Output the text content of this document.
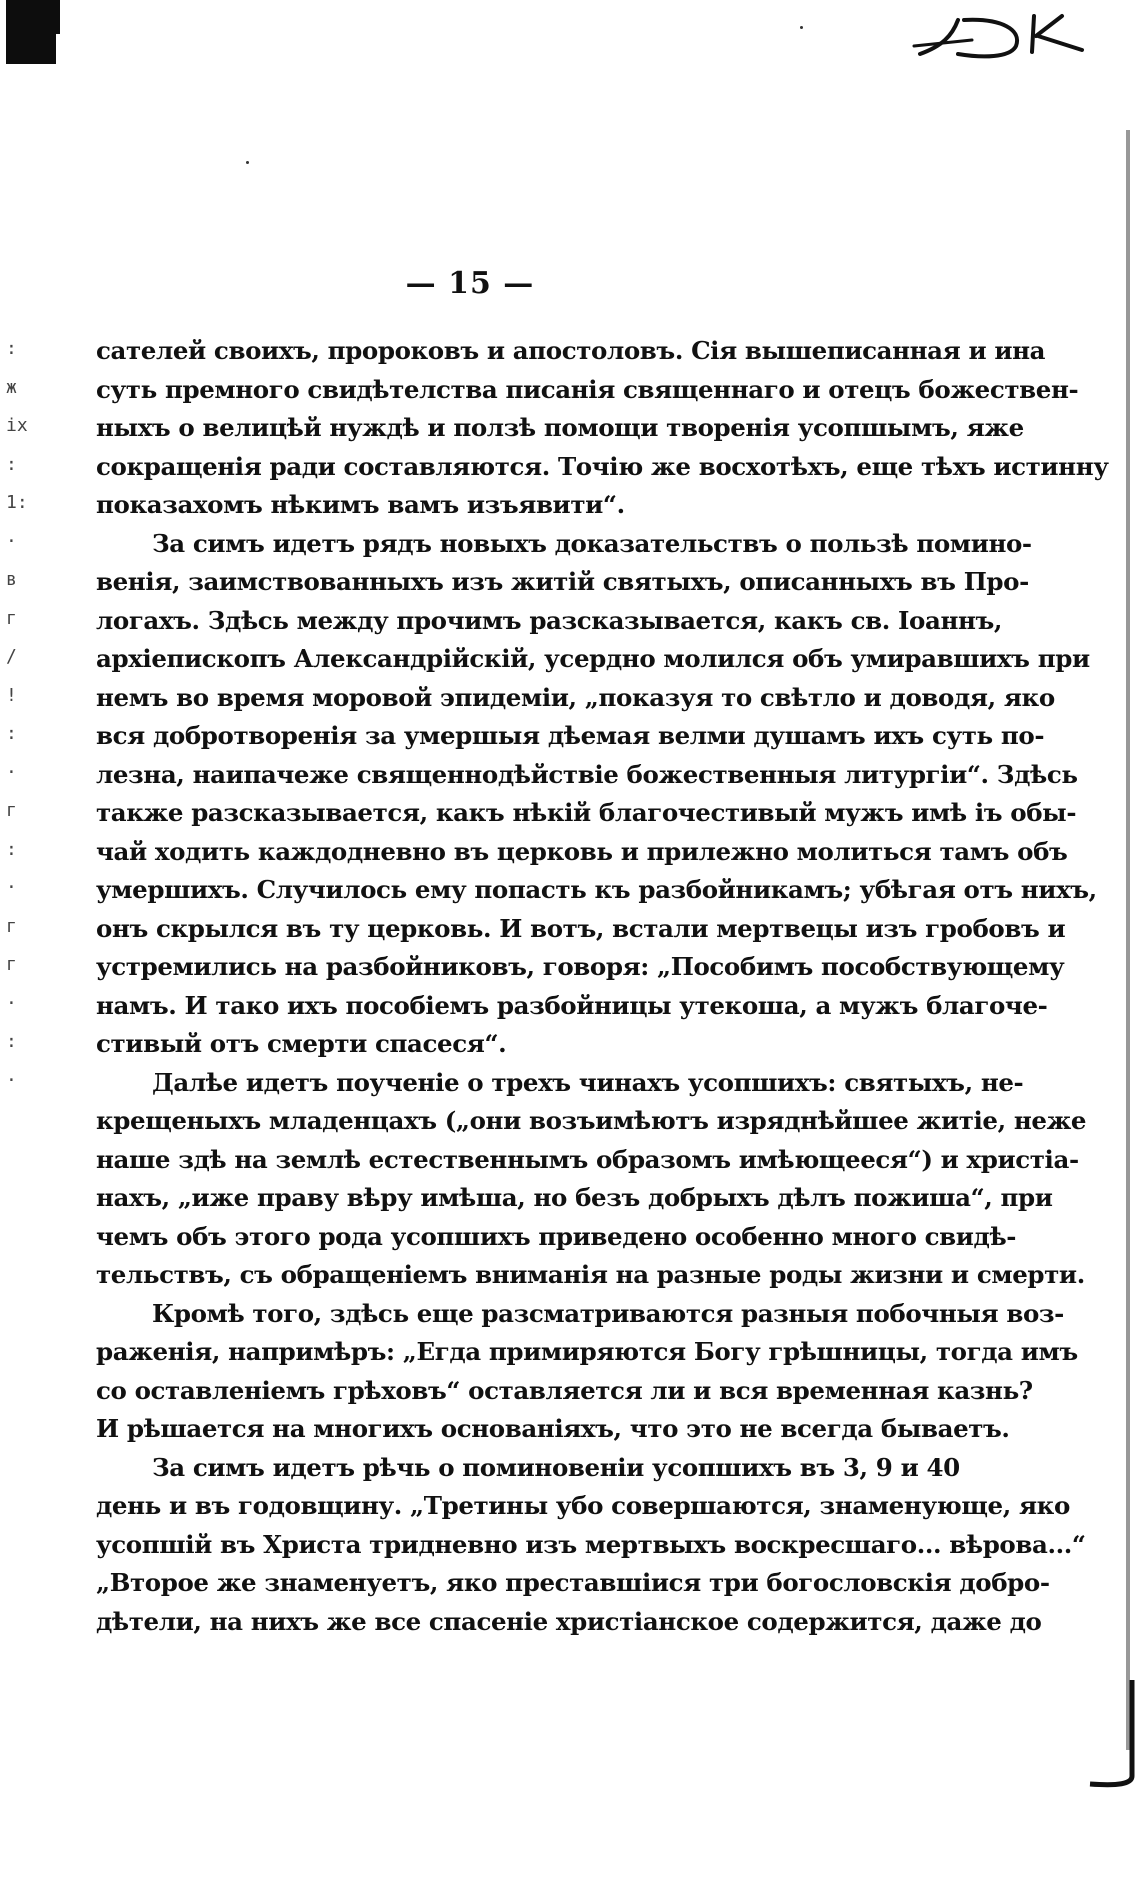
:
ж
іх
:
1:
·
в
г
/
!
:
·
г
:
·
г
г
·
:
·
— 15 —
сателей своихъ, пророковъ и апостоловъ. Сія вышеписанная и ина
суть премного свидѣтелства писанія священнаго и отецъ божествен-
ныхъ о велицѣй нуждѣ и ползѣ помощи творенія усопшымъ, яже
сокращенія ради составляются. Точію же восхотѣхъ, еще тѣхъ истинну
показахомъ нѣкимъ вамъ изъявити“.
За симъ идетъ рядъ новыхъ доказательствъ о пользѣ помино-
венія, заимствованныхъ изъ житій святыхъ, описанныхъ въ Про-
логахъ. Здѣсь между прочимъ разсказывается, какъ св. Іоаннъ,
архіепископъ Александрійскій, усердно молился объ умиравшихъ при
немъ во время моровой эпидеміи, „показуя то свѣтло и доводя, яко
вся добротворенія за умершыя дѣемая велми душамъ ихъ суть по-
лезна, наипачеже священнодѣйствіе божественныя литургіи“. Здѣсь
также разсказывается, какъ нѣкій благочестивый мужъ имѣ іъ обы-
чай ходить каждодневно въ церковь и прилежно молиться тамъ объ
умершихъ. Случилось ему попасть къ разбойникамъ; убѣгая отъ нихъ,
онъ скрылся въ ту церковь. И вотъ, встали мертвецы изъ гробовъ и
устремились на разбойниковъ, говоря: „Пособимъ пособствующему
намъ. И тако ихъ пособіемъ разбойницы утекоша, а мужъ благоче-
стивый отъ смерти спасеся“.
Далѣе идетъ поученіе о трехъ чинахъ усопшихъ: святыхъ, не-
крещеныхъ младенцахъ („они возъимѣютъ изряднѣйшее житіе, неже
наше здѣ на землѣ естественнымъ образомъ имѣющееся“) и христіа-
нахъ, „иже праву вѣру имѣша, но безъ добрыхъ дѣлъ пожиша“, при
чемъ объ этого рода усопшихъ приведено особенно много свидѣ-
тельствъ, съ обращеніемъ вниманія на разные роды жизни и смерти.
Кромѣ того, здѣсь еще разсматриваются разныя побочныя воз-
раженія, напримѣръ: „Егда примиряются Богу грѣшницы, тогда имъ
со оставленіемъ грѣховъ“ оставляется ли и вся временная казнь?
И рѣшается на многихъ основаніяхъ, что это не всегда бываетъ.
За симъ идетъ рѣчь о поминовеніи усопшихъ въ 3, 9 и 40
день и въ годовщину. „Третины убо совершаются, знаменующе, яко
усопшій въ Христа тридневно изъ мертвыхъ воскресшаго... вѣрова...“
„Второе же знаменуетъ, яко преставшіися три богословскія добро-
дѣтели, на нихъ же все спасеніе христіанское содержится, даже до
